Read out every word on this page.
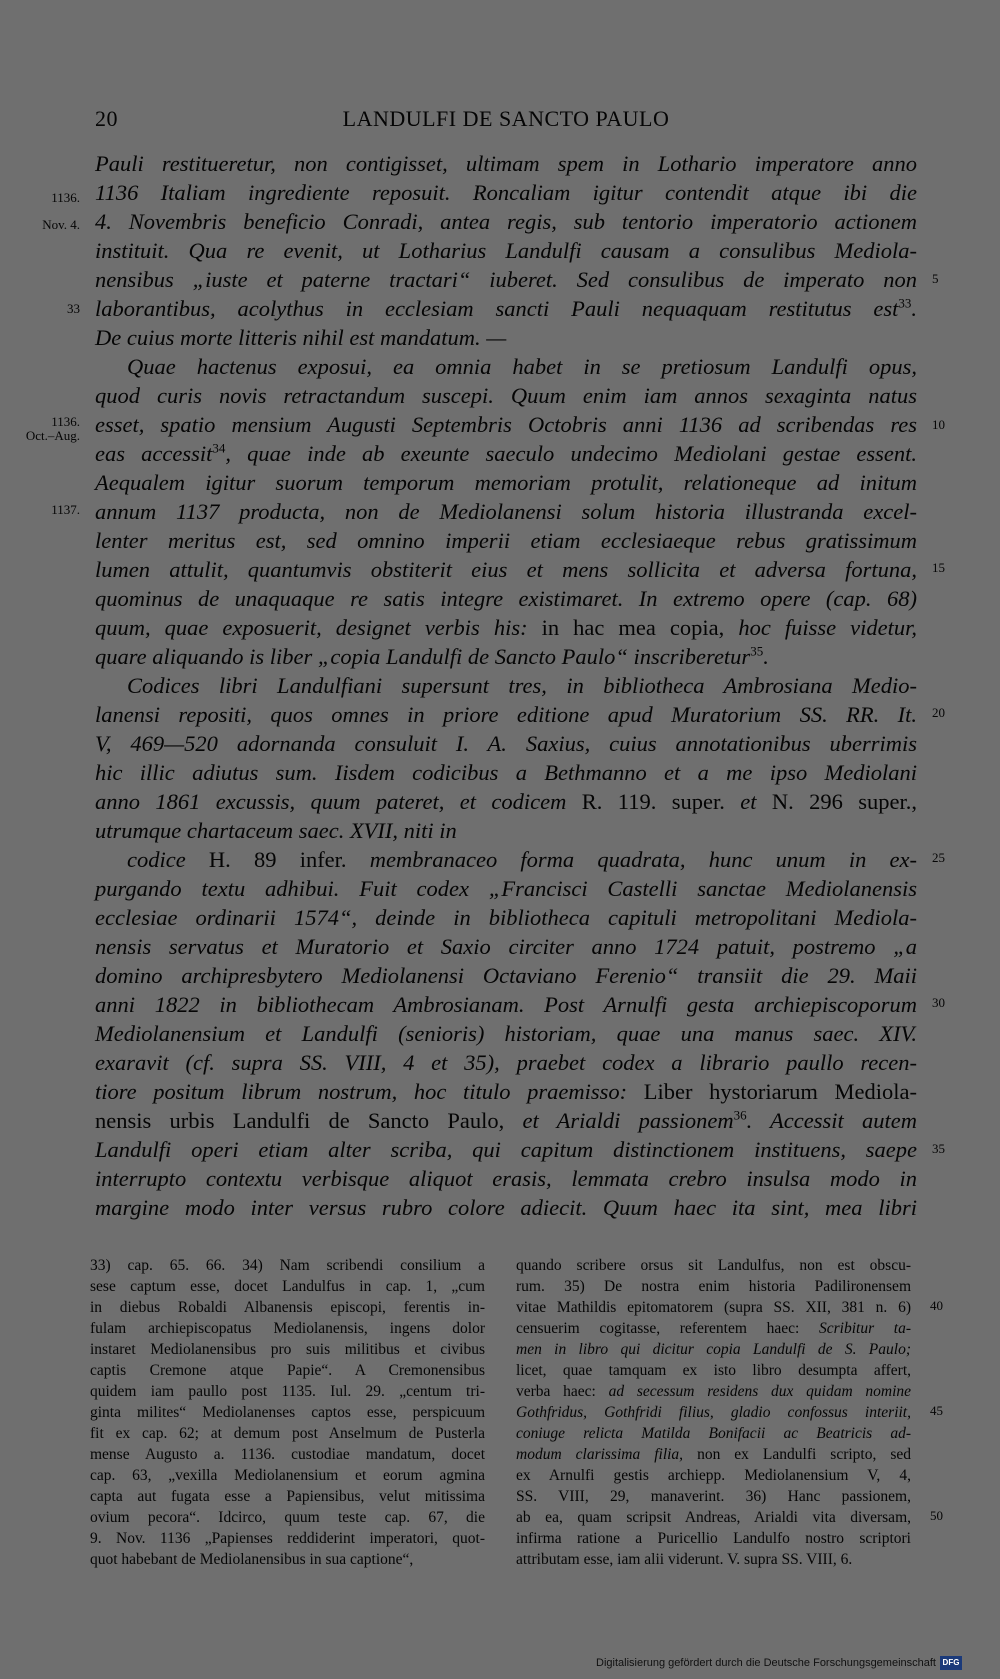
20	LANDULFI DE SANCTO PAULO
1136.
Nov. 4.
33
1136.
Oct.–Aug.
1137.
5
10
15
20
25
30
35
Pauli restitueretur, non contigisset, ultimam spem in Lothario imperatore anno
1136 Italiam ingrediente reposuit. Roncaliam igitur contendit atque ibi die
4. Novembris beneficio Conradi, antea regis, sub tentorio imperatorio actionem
instituit. Qua re evenit, ut Lotharius Landulfi causam a consulibus Mediola-
nensibus „iuste et paterne tractari“ iuberet. Sed consulibus de imperato non
laborantibus, acolythus in ecclesiam sancti Pauli nequaquam restitutus est$^{33}$.
De cuius morte litteris nihil est mandatum. —
Quae hactenus exposui, ea omnia habet in se pretiosum Landulfi opus,
quod curis novis retractandum suscepi. Quum enim iam annos sexaginta natus
esset, spatio mensium Augusti Septembris Octobris anni 1136 ad scribendas res
eas accessit$^{34}$, quae inde ab exeunte saeculo undecimo Mediolani gestae essent.
Aequalem igitur suorum temporum memoriam protulit, relationeque ad initum
annum 1137 producta, non de Mediolanensi solum historia illustranda excel-
lenter meritus est, sed omnino imperii etiam ecclesiaeque rebus gratissimum
lumen attulit, quantumvis obstiterit eius et mens sollicita et adversa fortuna,
quominus de unaquaque re satis integre existimaret. In extremo opere (cap. 68)
quum, quae exposuerit, designet verbis his: in hac mea copia, hoc fuisse videtur,
quare aliquando is liber „copia Landulfi de Sancto Paulo“ inscriberetur$^{35}$.
Codices libri Landulfiani supersunt tres, in bibliotheca Ambrosiana Medio-
lanensi repositi, quos omnes in priore editione apud Muratorium SS. RR. It.
V, 469—520 adornanda consuluit I. A. Saxius, cuius annotationibus uberrimis
hic illic adiutus sum. Iisdem codicibus a Bethmanno et a me ipso Mediolani
anno 1861 excussis, quum pateret, et codicem R. 119. super. et N. 296 super.,
utrumque chartaceum saec. XVII, niti in
codice H. 89 infer. membranaceo forma quadrata, hunc unum in ex-
purgando textu adhibui. Fuit codex „Francisci Castelli sanctae Mediolanensis
ecclesiae ordinarii 1574“, deinde in bibliotheca capituli metropolitani Mediola-
nensis servatus et Muratorio et Saxio circiter anno 1724 patuit, postremo „a
domino archipresbytero Mediolanensi Octaviano Ferenio“ transiit die 29. Maii
anni 1822 in bibliothecam Ambrosianam. Post Arnulfi gesta archiepiscoporum
Mediolanensium et Landulfi (senioris) historiam, quae una manus saec. XIV.
exaravit (cf. supra SS. VIII, 4 et 35), praebet codex a librario paullo recen-
tiore positum librum nostrum, hoc titulo praemisso: Liber hystoriarum Mediola-
nensis urbis Landulfi de Sancto Paulo, et Arialdi passionem$^{36}$. Accessit autem
Landulfi operi etiam alter scriba, qui capitum distinctionem instituens, saepe
interrupto contextu verbisque aliquot erasis, lemmata crebro insulsa modo in
margine modo inter versus rubro colore adiecit. Quum haec ita sint, mea libri
33) cap. 65. 66. 34) Nam scribendi consilium a
sese captum esse, docet Landulfus in cap. 1, „cum
in diebus Robaldi Albanensis episcopi, ferentis in-
fulam archiepiscopatus Mediolanensis, ingens dolor
instaret Mediolanensibus pro suis militibus et civibus
captis Cremone atque Papie“. A Cremonensibus
quidem iam paullo post 1135. Iul. 29. „centum tri-
ginta milites“ Mediolanenses captos esse, perspicuum
fit ex cap. 62; at demum post Anselmum de Pusterla
mense Augusto a. 1136. custodiae mandatum, docet
cap. 63, „vexilla Mediolanensium et eorum agmina
capta aut fugata esse a Papiensibus, velut mitissima
ovium pecora“. Idcirco, quum teste cap. 67, die
9. Nov. 1136 „Papienses reddiderint imperatori, quot-
quot habebant de Mediolanensibus in sua captione“,
quando scribere orsus sit Landulfus, non est obscu-
rum. 35) De nostra enim historia Padilironensem
vitae Mathildis epitomatorem (supra SS. XII, 381 n. 6)
censuerim cogitasse, referentem haec: Scribitur ta-
men in libro qui dicitur copia Landulfi de S. Paulo;
licet, quae tamquam ex isto libro desumpta affert,
verba haec: ad secessum residens dux quidam nomine
Gothfridus, Gothfridi filius, gladio confossus interiit,
coniuge relicta Matilda Bonifacii ac Beatricis ad-
modum clarissima filia, non ex Landulfi scripto, sed
ex Arnulfi gestis archiepp. Mediolanensium V, 4,
SS. VIII, 29, manaverint. 36) Hanc passionem,
ab ea, quam scripsit Andreas, Arialdi vita diversam,
infirma ratione a Puricellio Landulfo nostro scriptori
attributam esse, iam alii viderunt. V. supra SS. VIII, 6.
40
45
50
Digitalisierung gefördert durch die Deutsche Forschungsgemeinschaft DFG
